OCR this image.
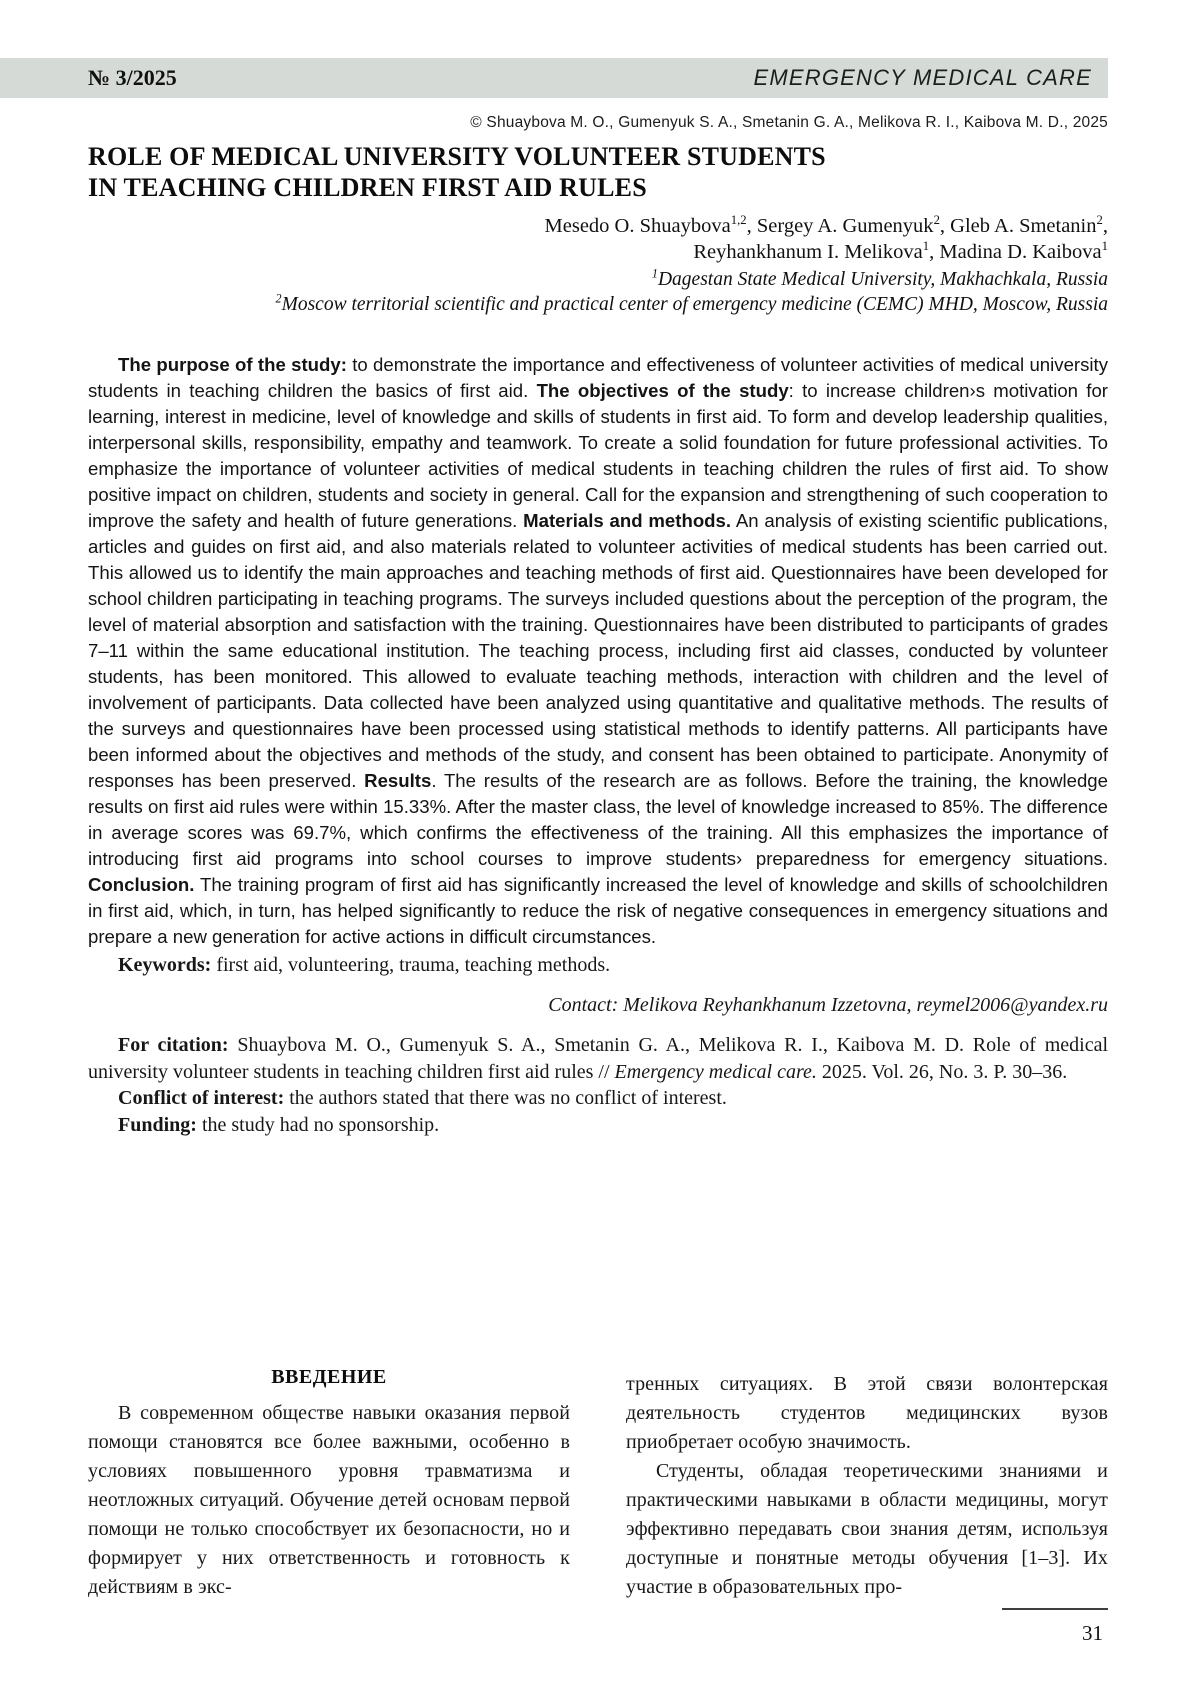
№ 3/2025	EMERGENCY MEDICAL CARE
© Shuaybova M. O., Gumenyuk S. A., Smetanin G. A., Melikova R. I., Kaibova M. D., 2025
ROLE OF MEDICAL UNIVERSITY VOLUNTEER STUDENTS
IN TEACHING CHILDREN FIRST AID RULES
Mesedo O. Shuaybova$^{1,2}$, Sergey A. Gumenyuk$^2$, Gleb A. Smetanin$^2$,
Reyhankhanum I. Melikova$^1$, Madina D. Kaibova$^1$
$^1$Dagestan State Medical University, Makhachkala, Russia
$^2$Moscow territorial scientific and practical center of emergency medicine (CEMC) MHD, Moscow, Russia

The purpose of the study: to demonstrate the importance and effectiveness of volunteer activities of medical university students in teaching children the basics of first aid. The objectives of the study: to increase children›s motivation for learning, interest in medicine, level of knowledge and skills of students in first aid. To form and develop leadership qualities, interpersonal skills, responsibility, empathy and teamwork. To create a solid foundation for future professional activities. To emphasize the importance of volunteer activities of medical students in teaching children the rules of first aid. To show positive impact on children, students and society in general. Call for the expansion and strengthening of such cooperation to improve the safety and health of future generations. Materials and methods. An analysis of existing scientific publications, articles and guides on first aid, and also materials related to volunteer activities of medical students has been carried out. This allowed us to identify the main approaches and teaching methods of first aid. Questionnaires have been developed for school children participating in teaching programs. The surveys included questions about the perception of the program, the level of material absorption and satisfaction with the training. Questionnaires have been distributed to participants of grades 7–11 within the same educational institution. The teaching process, including first aid classes, conducted by volunteer students, has been monitored. This allowed to evaluate teaching methods, interaction with children and the level of involvement of participants. Data collected have been analyzed using quantitative and qualitative methods. The results of the surveys and questionnaires have been processed using statistical methods to identify patterns. All participants have been informed about the objectives and methods of the study, and consent has been obtained to participate. Anonymity of responses has been preserved. Results. The results of the research are as follows. Before the training, the knowledge results on first aid rules were within 15.33%. After the master class, the level of knowledge increased to 85%. The difference in average scores was 69.7%, which confirms the effectiveness of the training. All this emphasizes the importance of introducing first aid programs into school courses to improve students› preparedness for emergency situations. Conclusion. The training program of first aid has significantly increased the level of knowledge and skills of schoolchildren in first aid, which, in turn, has helped significantly to reduce the risk of negative consequences in emergency situations and prepare a new generation for active actions in difficult circumstances.

Keywords: first aid, volunteering, trauma, teaching methods.
Contact: Melikova Reyhankhanum Izzetovna, reymel2006@yandex.ru
For citation: Shuaybova M. O., Gumenyuk S. A., Smetanin G. A., Melikova R. I., Kaibova M. D. Role of medical university volunteer students in teaching children first aid rules // Emergency medical care. 2025. Vol. 26, No. 3. P. 30–36.
Conflict of interest: the authors stated that there was no conflict of interest.
Funding: the study had no sponsorship.
ВВЕДЕНИЕ

В современном обществе навыки оказания первой помощи становятся все более важными, особенно в условиях повышенного уровня травматизма и неотложных ситуаций. Обучение детей основам первой помощи не только способствует их безопасности, но и формирует у них ответственность и готовность к действиям в экс-

тренных ситуациях. В этой связи волонтерская деятельность студентов медицинских вузов приобретает особую значимость.

Студенты, обладая теоретическими знаниями и практическими навыками в области медицины, могут эффективно передавать свои знания детям, используя доступные и понятные методы обучения [1–3]. Их участие в образовательных про-

31
